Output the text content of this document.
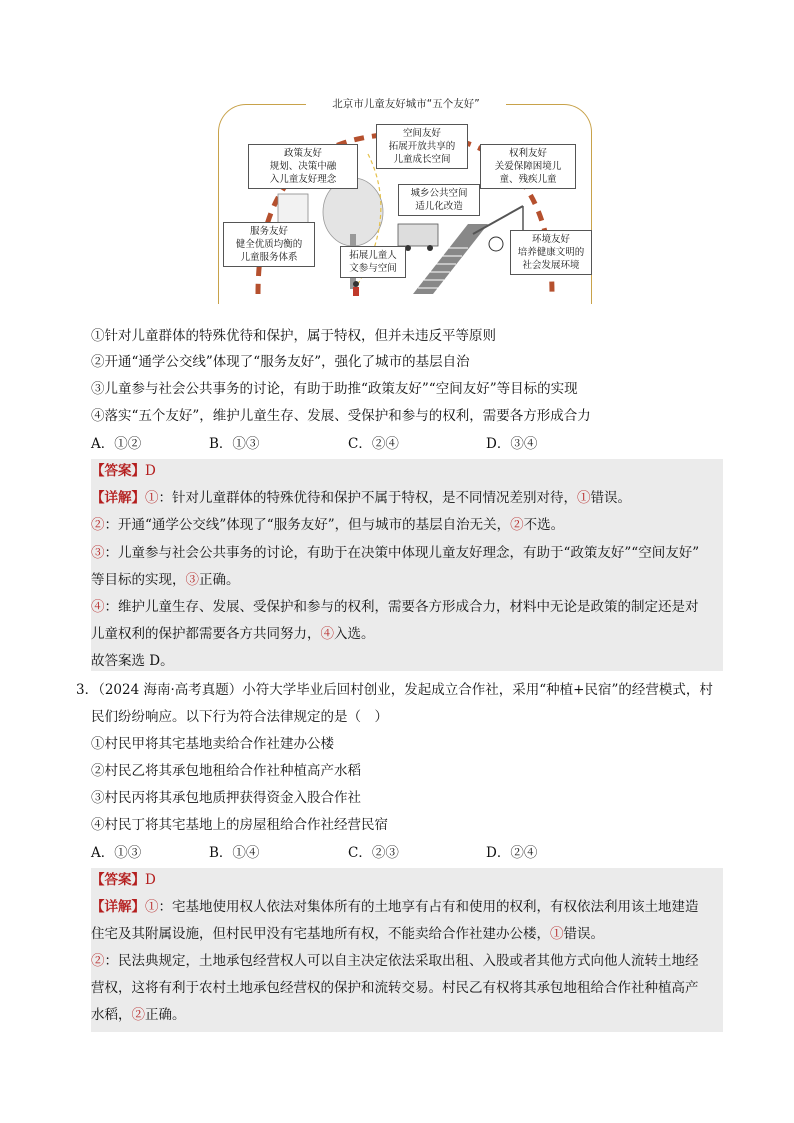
北京市儿童友好城市“五个友好”
政策友好
规划、决策中融
入儿童友好理念
空间友好
拓展开放共享的
儿童成长空间
权利友好
关爱保障困境儿
童、残疾儿童
服务友好
健全优质均衡的
儿童服务体系
城乡公共空间
适儿化改造
拓展儿童人
文参与空间
环境友好
培养健康文明的
社会发展环境
①针对儿童群体的特殊优待和保护，属于特权，但并未违反平等原则
②开通“通学公交线”体现了“服务友好”，强化了城市的基层自治
③儿童参与社会公共事务的讨论，有助于助推“政策友好”“空间友好”等目标的实现
④落实“五个友好”，维护儿童生存、发展、受保护和参与的权利，需要各方形成合力
A．①②	B．①③	C．②④	D．③④
【答案】D
【详解】①：针对儿童群体的特殊优待和保护不属于特权，是不同情况差别对待，①错误。
②：开通“通学公交线”体现了“服务友好”，但与城市的基层自治无关，②不选。
③：儿童参与社会公共事务的讨论，有助于在决策中体现儿童友好理念，有助于“政策友好”“空间友好”
等目标的实现，③正确。
④：维护儿童生存、发展、受保护和参与的权利，需要各方形成合力，材料中无论是政策的制定还是对
儿童权利的保护都需要各方共同努力，④入选。
故答案选 D。
3．（2024 海南·高考真题）小符大学毕业后回村创业，发起成立合作社，采用“种植+民宿”的经营模式，村
民们纷纷响应。以下行为符合法律规定的是（　）
①村民甲将其宅基地卖给合作社建办公楼
②村民乙将其承包地租给合作社种植高产水稻
③村民丙将其承包地质押获得资金入股合作社
④村民丁将其宅基地上的房屋租给合作社经营民宿
A．①③	B．①④	C．②③	D．②④
【答案】D
【详解】①：宅基地使用权人依法对集体所有的土地享有占有和使用的权利，有权依法利用该土地建造
住宅及其附属设施，但村民甲没有宅基地所有权，不能卖给合作社建办公楼，①错误。
②：民法典规定，土地承包经营权人可以自主决定依法采取出租、入股或者其他方式向他人流转土地经
营权，这将有利于农村土地承包经营权的保护和流转交易。村民乙有权将其承包地租给合作社种植高产
水稻，②正确。
